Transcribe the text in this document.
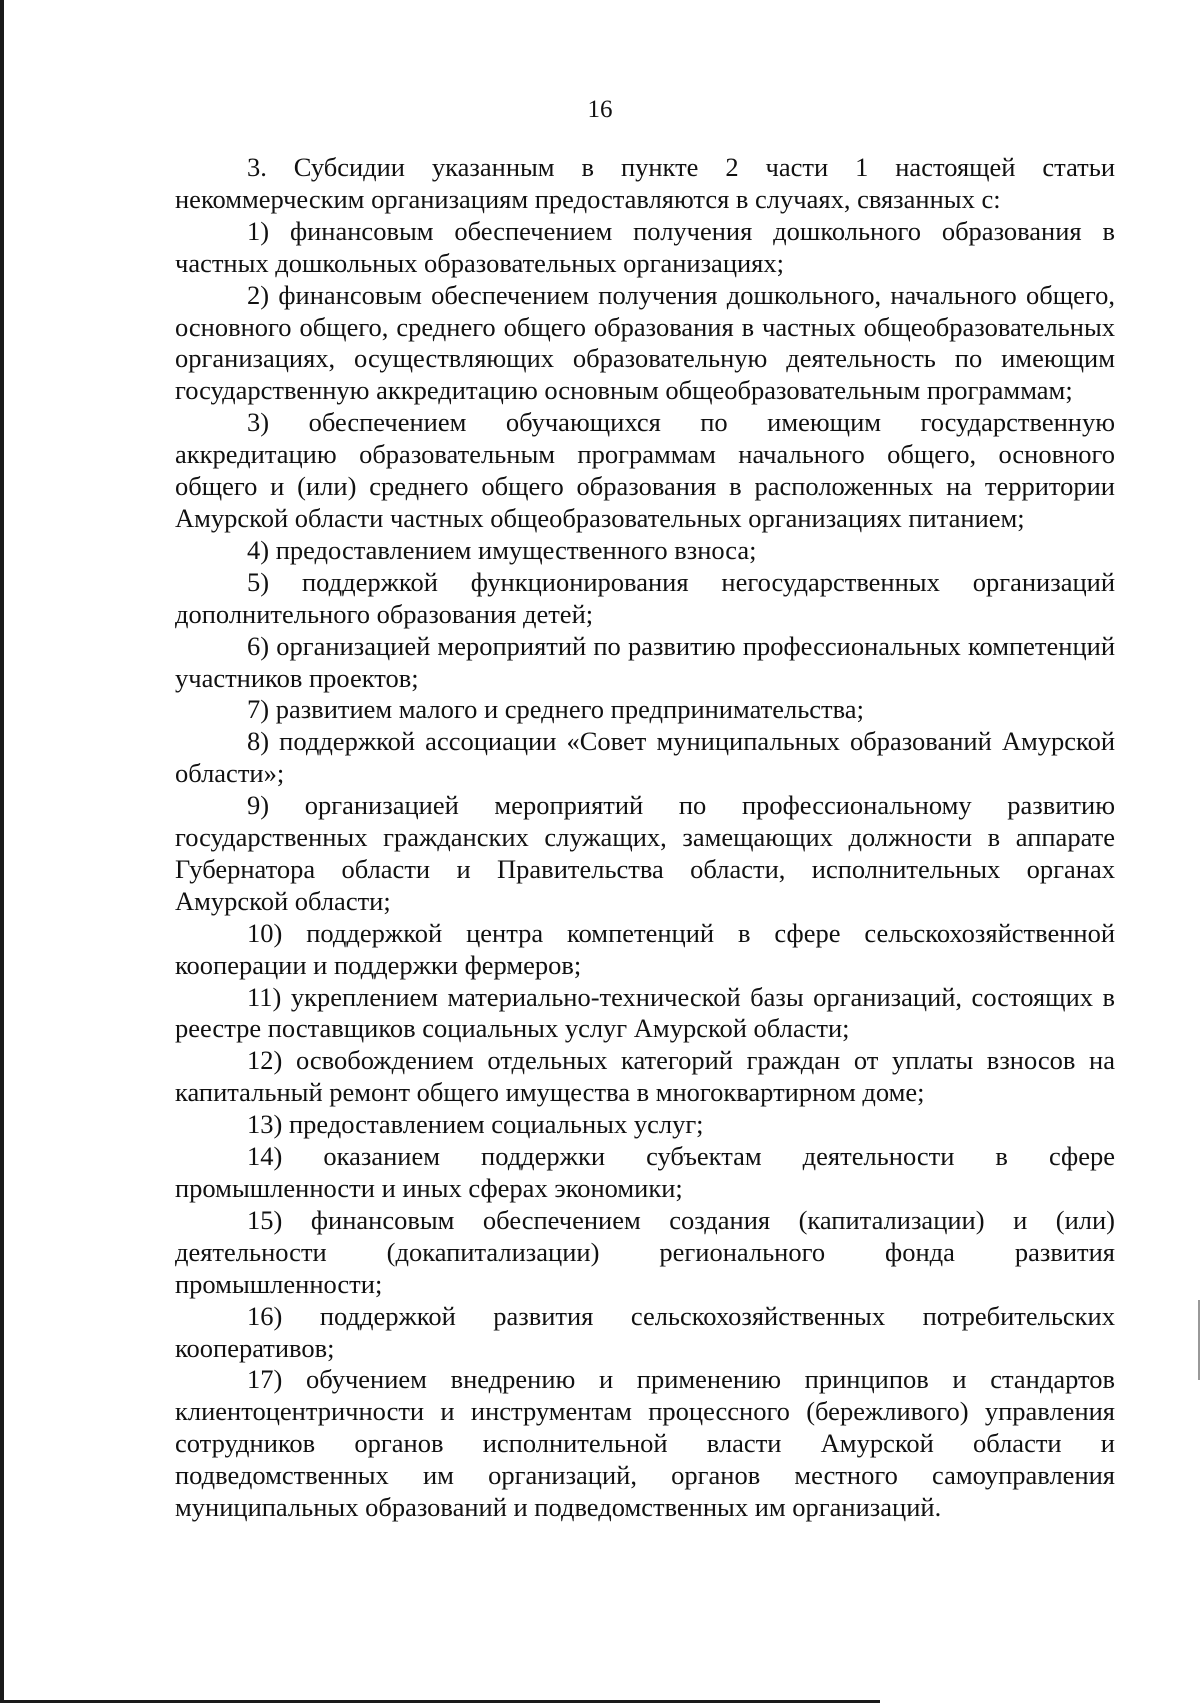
16

3. Субсидии указанным в пункте 2 части 1 настоящей статьи некоммерческим организациям предоставляются в случаях, связанных с:

1) финансовым обеспечением получения дошкольного образования в частных дошкольных образовательных организациях;

2) финансовым обеспечением получения дошкольного, начального общего, основного общего, среднего общего образования в частных общеобразовательных организациях, осуществляющих образовательную деятельность по имеющим государственную аккредитацию основным общеобразовательным программам;

3) обеспечением обучающихся по имеющим государственную аккредитацию образовательным программам начального общего, основного общего и (или) среднего общего образования в расположенных на территории Амурской области частных общеобразовательных организациях питанием;

4) предоставлением имущественного взноса;

5) поддержкой функционирования негосударственных организаций дополнительного образования детей;

6) организацией мероприятий по развитию профессиональных компетенций участников проектов;

7) развитием малого и среднего предпринимательства;

8) поддержкой ассоциации «Совет муниципальных образований Амурской области»;

9) организацией мероприятий по профессиональному развитию государственных гражданских служащих, замещающих должности в аппарате Губернатора области и Правительства области, исполнительных органах Амурской области;

10) поддержкой центра компетенций в сфере сельскохозяйственной кооперации и поддержки фермеров;

11) укреплением материально-технической базы организаций, состоящих в реестре поставщиков социальных услуг Амурской области;

12) освобождением отдельных категорий граждан от уплаты взносов на капитальный ремонт общего имущества в многоквартирном доме;

13) предоставлением социальных услуг;

14) оказанием поддержки субъектам деятельности в сфере промышленности и иных сферах экономики;

15) финансовым обеспечением создания (капитализации) и (или) деятельности (докапитализации) регионального фонда развития промышленности;

16) поддержкой развития сельскохозяйственных потребительских кооперативов;

17) обучением внедрению и применению принципов и стандартов клиентоцентричности и инструментам процессного (бережливого) управления сотрудников органов исполнительной власти Амурской области и подведомственных им организаций, органов местного самоуправления муниципальных образований и подведомственных им организаций.
